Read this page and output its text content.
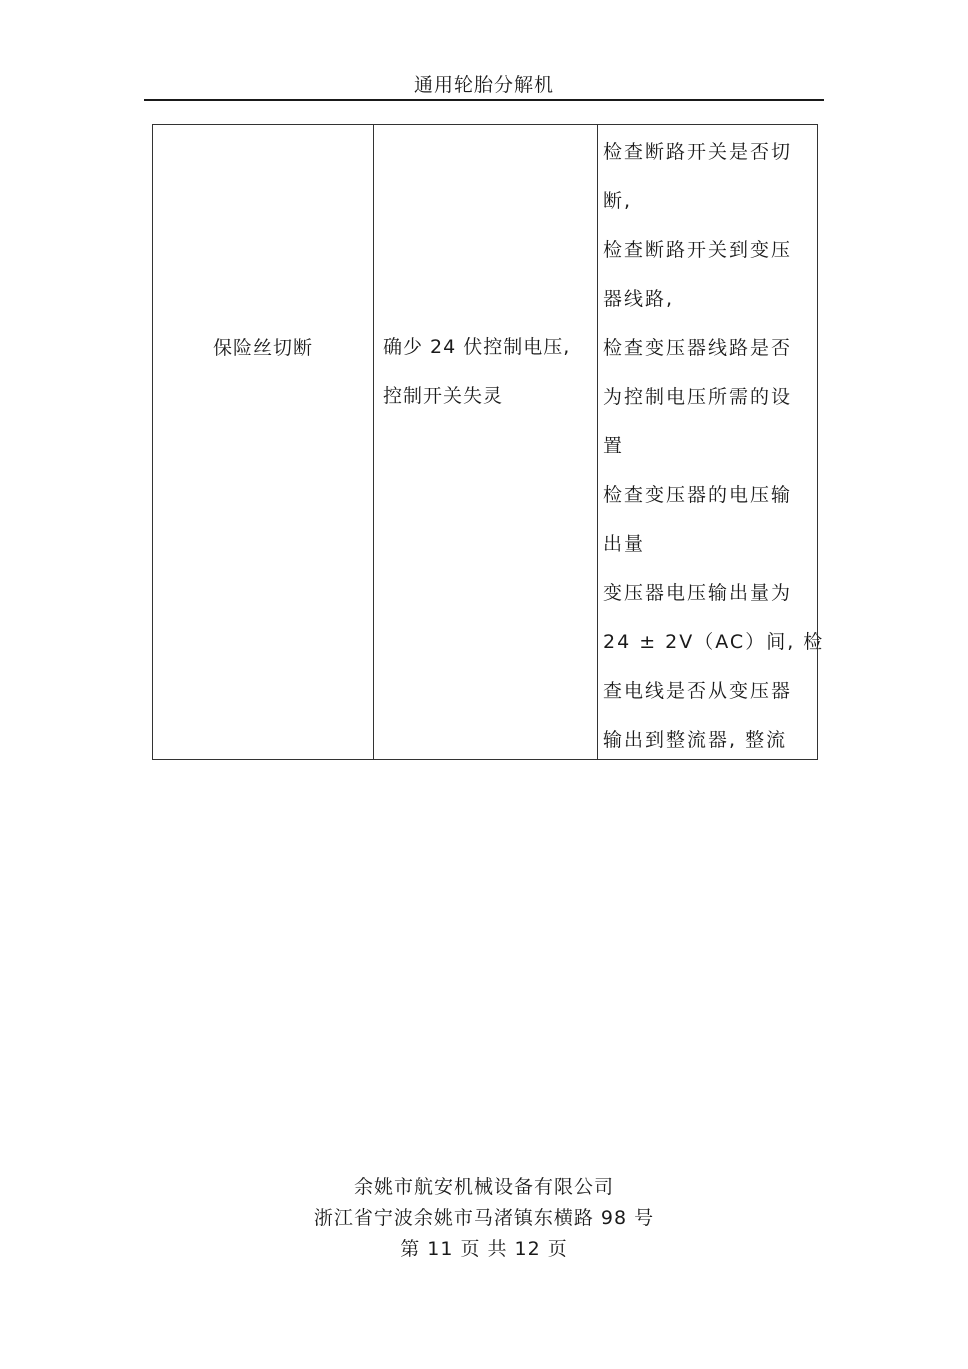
通用轮胎分解机
保险丝切断	确少 24 伏控制电压,
控制开关失灵
检查断路开关是否切
断,
检查断路开关到变压
器线路,
检查变压器线路是否
为控制电压所需的设
置
检查变压器的电压输
出量
变压器电压输出量为
24 ± 2V（AC）间, 检
查电线是否从变压器
输出到整流器, 整流
余姚市航安机械设备有限公司
浙江省宁波余姚市马渚镇东横路 98 号
第 11 页 共 12 页
